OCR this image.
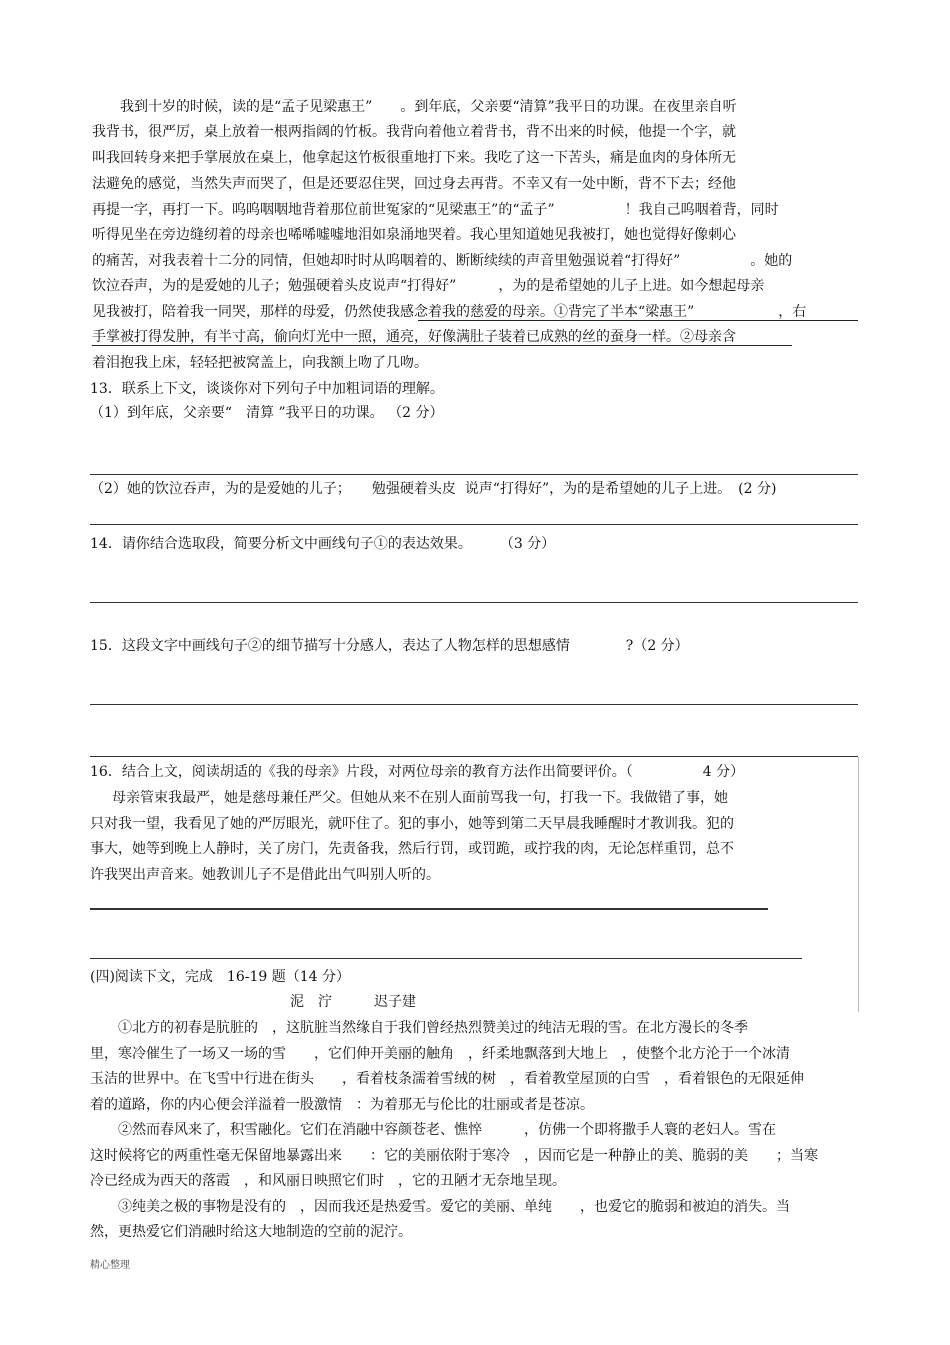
　　我到十岁的时候，读的是“孟子见梁惠王”　　。到年底，父亲要“清算”我平日的功课。在夜里亲自听
我背书，很严厉，桌上放着一根两指阔的竹板。我背向着他立着背书，背不出来的时候，他提一个字，就
叫我回转身来把手掌展放在桌上，他拿起这竹板很重地打下来。我吃了这一下苦头，痛是血肉的身体所无
法避免的感觉，当然失声而哭了，但是还要忍住哭，回过身去再背。不幸又有一处中断，背不下去；经他
再提一字，再打一下。呜呜咽咽地背着那位前世冤家的“见梁惠王”的“孟子”　　　　　！我自己呜咽着背，同时
听得见坐在旁边缝纫着的母亲也唏唏嘘嘘地泪如泉涌地哭着。我心里知道她见我被打，她也觉得好像刺心
的痛苦，对我表着十二分的同情，但她却时时从呜咽着的、断断续续的声音里勉强说着“打得好”　　　　　。她的
饮泣吞声，为的是爱她的儿子；勉强硬着头皮说声“打得好”　　　，为的是希望她的儿子上进。如今想起母亲
见我被打，陪着我一同哭，那样的母爱，仍然使我感念着我的慈爱的母亲。①背完了半本“梁惠王”　　　　　　，右
手掌被打得发肿，有半寸高，偷向灯光中一照，通亮，好像满肚子装着已成熟的丝的蚕身一样。②母亲含
着泪抱我上床，轻轻把被窝盖上，向我额上吻了几吻。
13．联系上下文，谈谈你对下列句子中加粗词语的理解。
（1）到年底，父亲要“　清算 ”我平日的功课。 （2 分）
（2）她的饮泣吞声，为的是爱她的儿子；　　勉强硬着头皮  说声“打得好”，为的是希望她的儿子上进。　(2 分)
14．请你结合选取段，简要分析文中画线句子①的表达效果。　　　（3 分）
15．这段文字中画线句子②的细节描写十分感人，表达了人物怎样的思想感情　　　　?（2 分）
16．结合上文，阅读胡适的《我的母亲》片段，对两位母亲的教育方法作出简要评价。（　　　　　4 分）
　母亲管束我最严，她是慈母兼任严父。但她从来不在别人面前骂我一句，打我一下。我做错了事，她
只对我一望，我看见了她的严厉眼光，就吓住了。犯的事小，她等到第二天早晨我睡醒时才教训我。犯的
事大，她等到晚上人静时，关了房门，先责备我，然后行罚，或罚跪，或拧我的肉，无论怎样重罚，总不
许我哭出声音来。她教训儿子不是借此出气叫别人听的。
(四)阅读下文，完成　16-19 题（14 分）
泥　泞	迟子建
　　①北方的初春是肮脏的　，这肮脏当然缘自于我们曾经热烈赞美过的纯洁无瑕的雪。在北方漫长的冬季
里，寒冷催生了一场又一场的雪　　，它们伸开美丽的触角　，纤柔地飘落到大地上　，使整个北方沦于一个冰清
玉洁的世界中。在飞雪中行进在街头　　，看着枝条濡着雪绒的树　，看着教堂屋顶的白雪　，看着银色的无限延伸
着的道路，你的内心便会洋溢着一股激情　：为着那无与伦比的壮丽或者是苍凉。
　　②然而春风来了，积雪融化。它们在消融中容颜苍老、憔悴　　　，仿佛一个即将撒手人寰的老妇人。雪在
这时候将它的两重性毫无保留地暴露出来　　：它的美丽依附于寒冷　，因而它是一种静止的美、脆弱的美　　；当寒
冷已经成为西天的落霞　，和风丽日映照它们时　，它的丑陋才无奈地呈现。
　　③纯美之极的事物是没有的　，因而我还是热爱雪。爱它的美丽、单纯　　，也爱它的脆弱和被迫的消失。当
然，更热爱它们消融时给这大地制造的空前的泥泞。
精心整理
